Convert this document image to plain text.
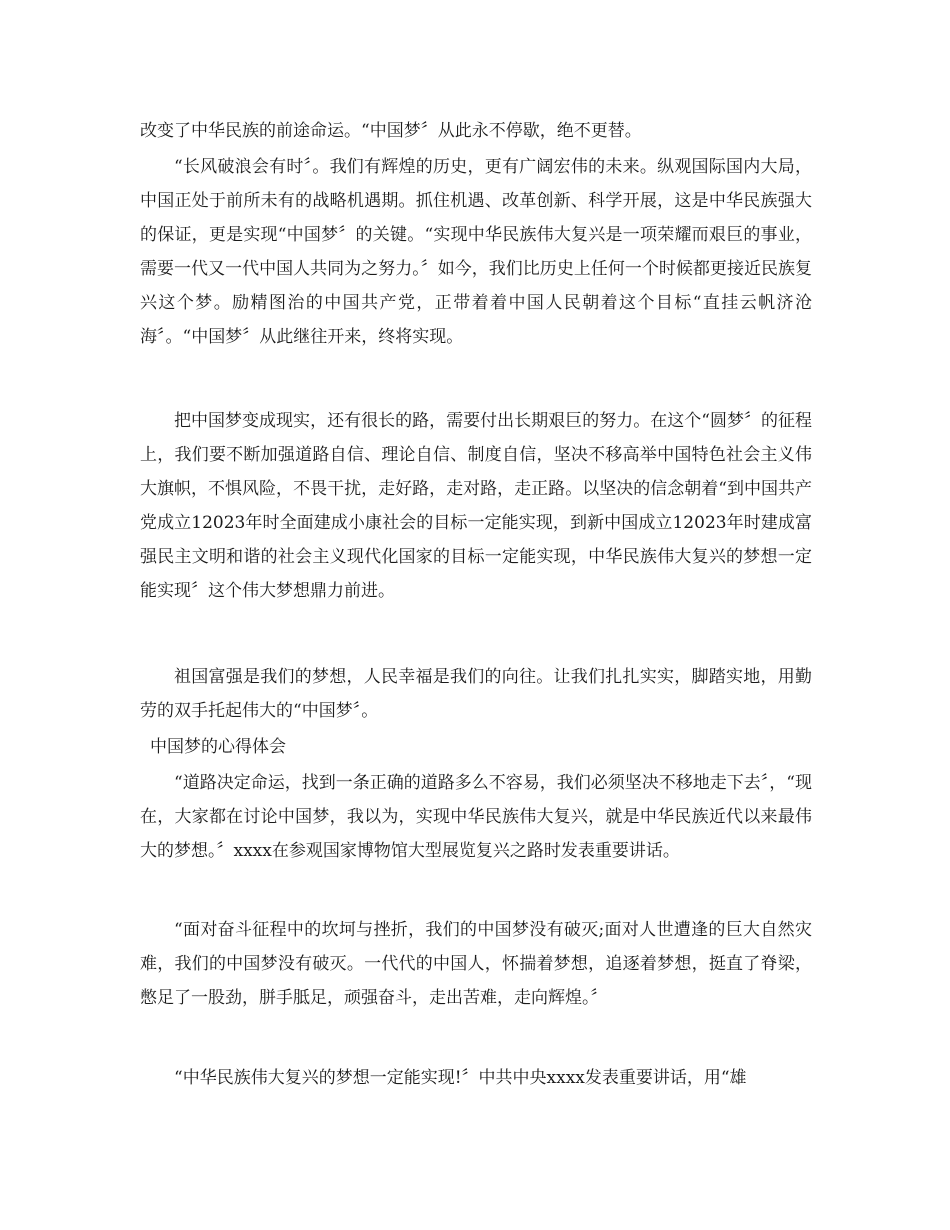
改变了中华民族的前途命运。“中国梦〞从此永不停歇，绝不更替。

“长风破浪会有时〞。我们有辉煌的历史，更有广阔宏伟的未来。纵观国际国内大局，中国正处于前所未有的战略机遇期。抓住机遇、改革创新、科学开展，这是中华民族强大的保证，更是实现“中国梦〞的关键。“实现中华民族伟大复兴是一项荣耀而艰巨的事业，需要一代又一代中国人共同为之努力。〞如今，我们比历史上任何一个时候都更接近民族复兴这个梦。励精图治的中国共产党，正带着着中国人民朝着这个目标“直挂云帆济沧海〞。“中国梦〞从此继往开来，终将实现。

把中国梦变成现实，还有很长的路，需要付出长期艰巨的努力。在这个“圆梦〞的征程上，我们要不断加强道路自信、理论自信、制度自信，坚决不移高举中国特色社会主义伟大旗帜，不惧风险，不畏干扰，走好路，走对路，走正路。以坚决的信念朝着“到中国共产党成立12023年时全面建成小康社会的目标一定能实现，到新中国成立12023年时建成富强民主文明和谐的社会主义现代化国家的目标一定能实现，中华民族伟大复兴的梦想一定能实现〞这个伟大梦想鼎力前进。

祖国富强是我们的梦想，人民幸福是我们的向往。让我们扎扎实实，脚踏实地，用勤劳的双手托起伟大的“中国梦〞。

中国梦的心得体会

“道路决定命运，找到一条正确的道路多么不容易，我们必须坚决不移地走下去〞，“现在，大家都在讨论中国梦，我以为，实现中华民族伟大复兴，就是中华民族近代以来最伟大的梦想。〞xxxx在参观国家博物馆大型展览复兴之路时发表重要讲话。

“面对奋斗征程中的坎坷与挫折，我们的中国梦没有破灭;面对人世遭逢的巨大自然灾难，我们的中国梦没有破灭。一代代的中国人，怀揣着梦想，追逐着梦想，挺直了脊梁，憋足了一股劲，胼手胝足，顽强奋斗，走出苦难，走向辉煌。〞

“中华民族伟大复兴的梦想一定能实现!〞中共中央xxxx发表重要讲话，用“雄
